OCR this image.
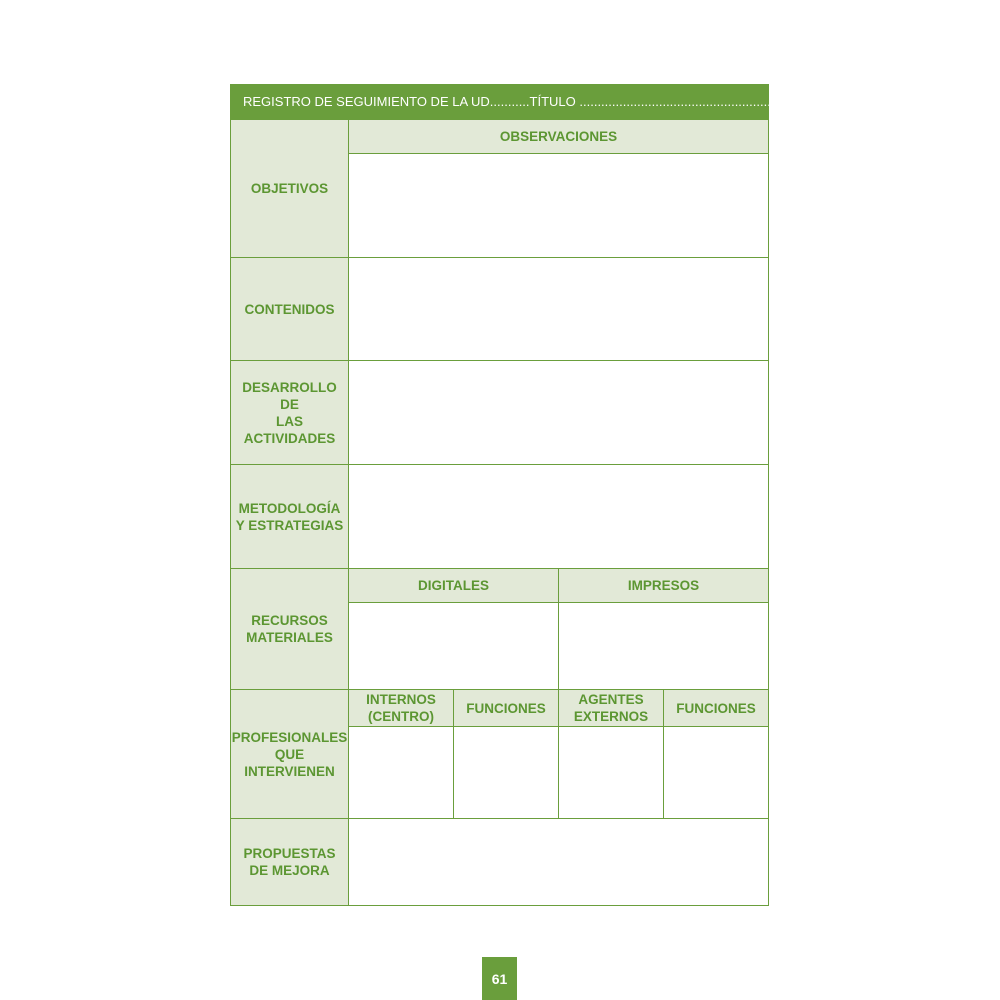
REGISTRO DE SEGUIMIENTO DE LA UD........... TÍTULO ...............................................................
OBJETIVOS
CONTENIDOS
DESARROLLO DE
LAS
ACTIVIDADES
METODOLOGÍA
Y ESTRATEGIAS
RECURSOS
MATERIALES
PROFESIONALES
QUE
INTERVIENEN
PROPUESTAS
DE MEJORA
OBSERVACIONES
DIGITALES	IMPRESOS
INTERNOS
(CENTRO)
FUNCIONES
AGENTES
EXTERNOS
FUNCIONES
61
